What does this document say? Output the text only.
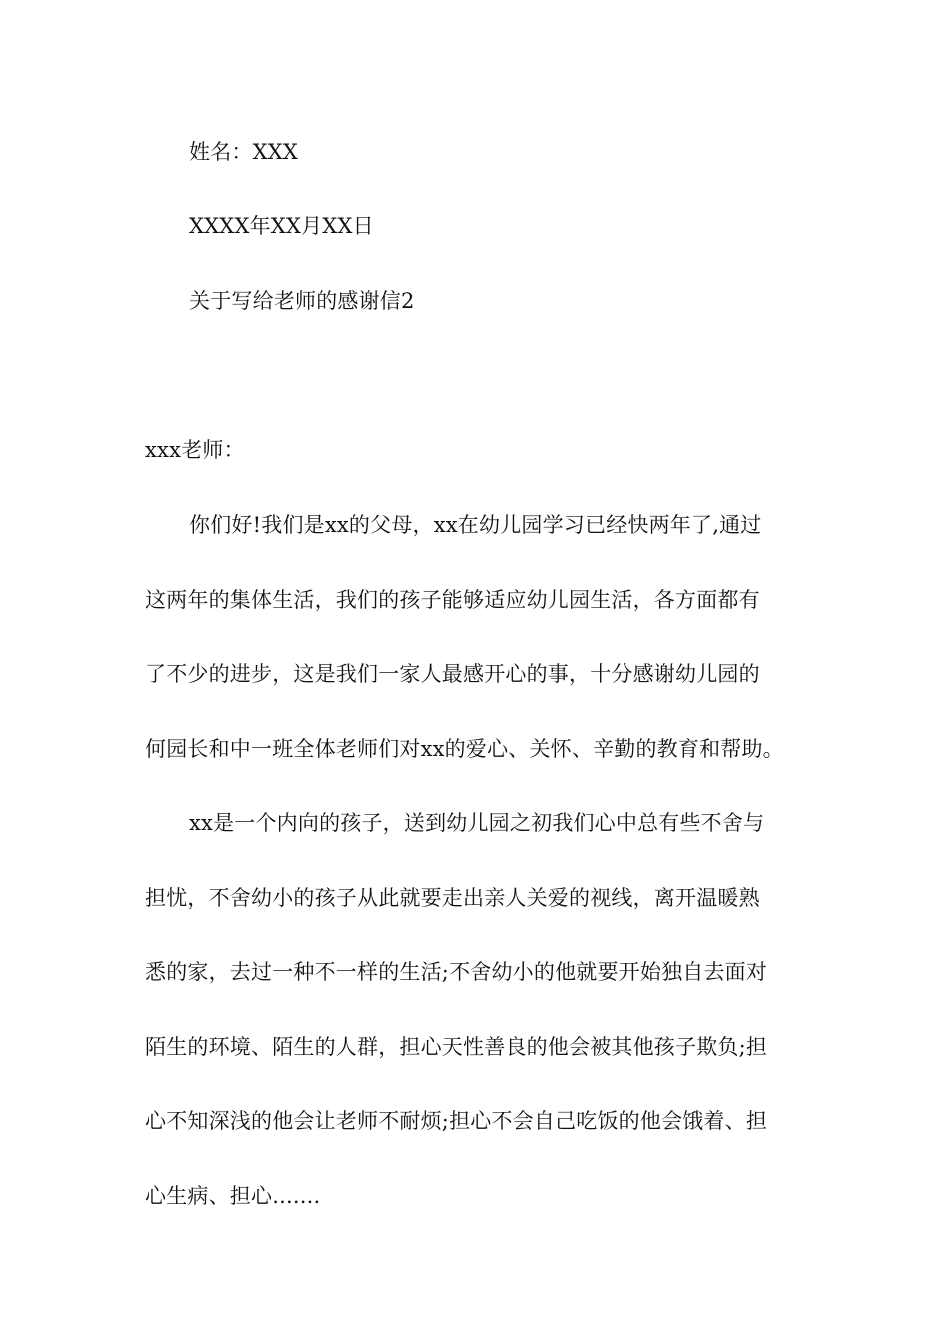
姓名：XXX
XXXX年XX月XX日
关于写给老师的感谢信2
xxx老师：
你们好!我们是xx的父母，xx在幼儿园学习已经快两年了,通过
这两年的集体生活，我们的孩子能够适应幼儿园生活，各方面都有
了不少的进步，这是我们一家人最感开心的事，十分感谢幼儿园的
何园长和中一班全体老师们对xx的爱心、关怀、辛勤的教育和帮助。
xx是一个内向的孩子，送到幼儿园之初我们心中总有些不舍与
担忧，不舍幼小的孩子从此就要走出亲人关爱的视线，离开温暖熟
悉的家，去过一种不一样的生活;不舍幼小的他就要开始独自去面对
陌生的环境、陌生的人群，担心天性善良的他会被其他孩子欺负;担
心不知深浅的他会让老师不耐烦;担心不会自己吃饭的他会饿着、担
心生病、担心.......
